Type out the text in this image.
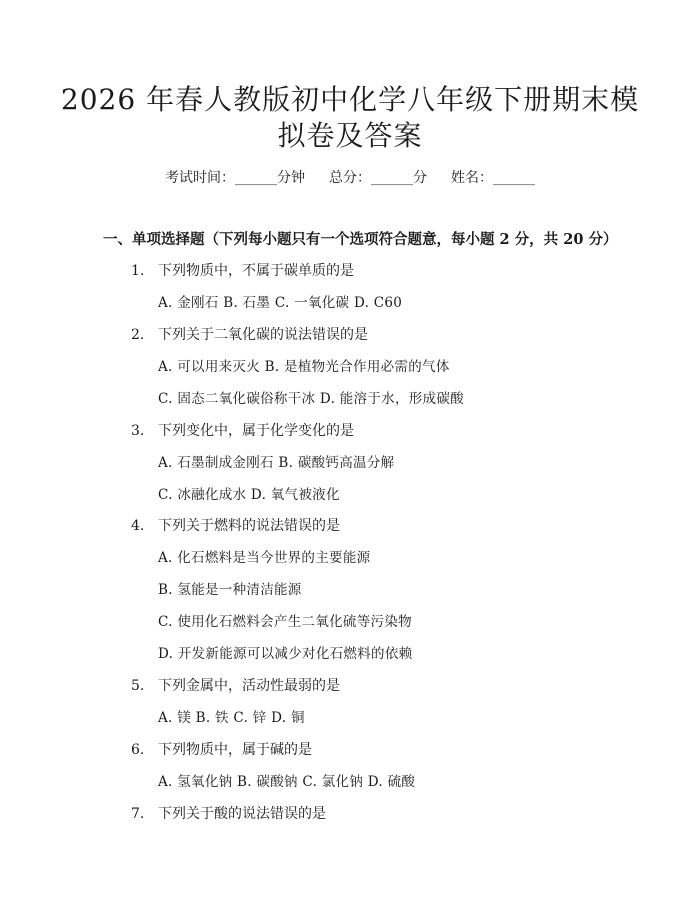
2026 年春人教版初中化学八年级下册期末模
拟卷及答案
考试时间：______分钟 总分：______分 姓名：______
一、单项选择题（下列每小题只有一个选项符合题意，每小题 2 分，共 20 分）
1. 下列物质中，不属于碳单质的是
A. 金刚石 B. 石墨 C. 一氧化碳 D. C60
2. 下列关于二氧化碳的说法错误的是
A. 可以用来灭火 B. 是植物光合作用必需的气体
C. 固态二氧化碳俗称干冰 D. 能溶于水，形成碳酸
3. 下列变化中，属于化学变化的是
A. 石墨制成金刚石 B. 碳酸钙高温分解
C. 冰融化成水 D. 氧气被液化
4. 下列关于燃料的说法错误的是
A. 化石燃料是当今世界的主要能源
B. 氢能是一种清洁能源
C. 使用化石燃料会产生二氧化硫等污染物
D. 开发新能源可以减少对化石燃料的依赖
5. 下列金属中，活动性最弱的是
A. 镁 B. 铁 C. 锌 D. 铜
6. 下列物质中，属于碱的是
A. 氢氧化钠 B. 碳酸钠 C. 氯化钠 D. 硫酸
7. 下列关于酸的说法错误的是
